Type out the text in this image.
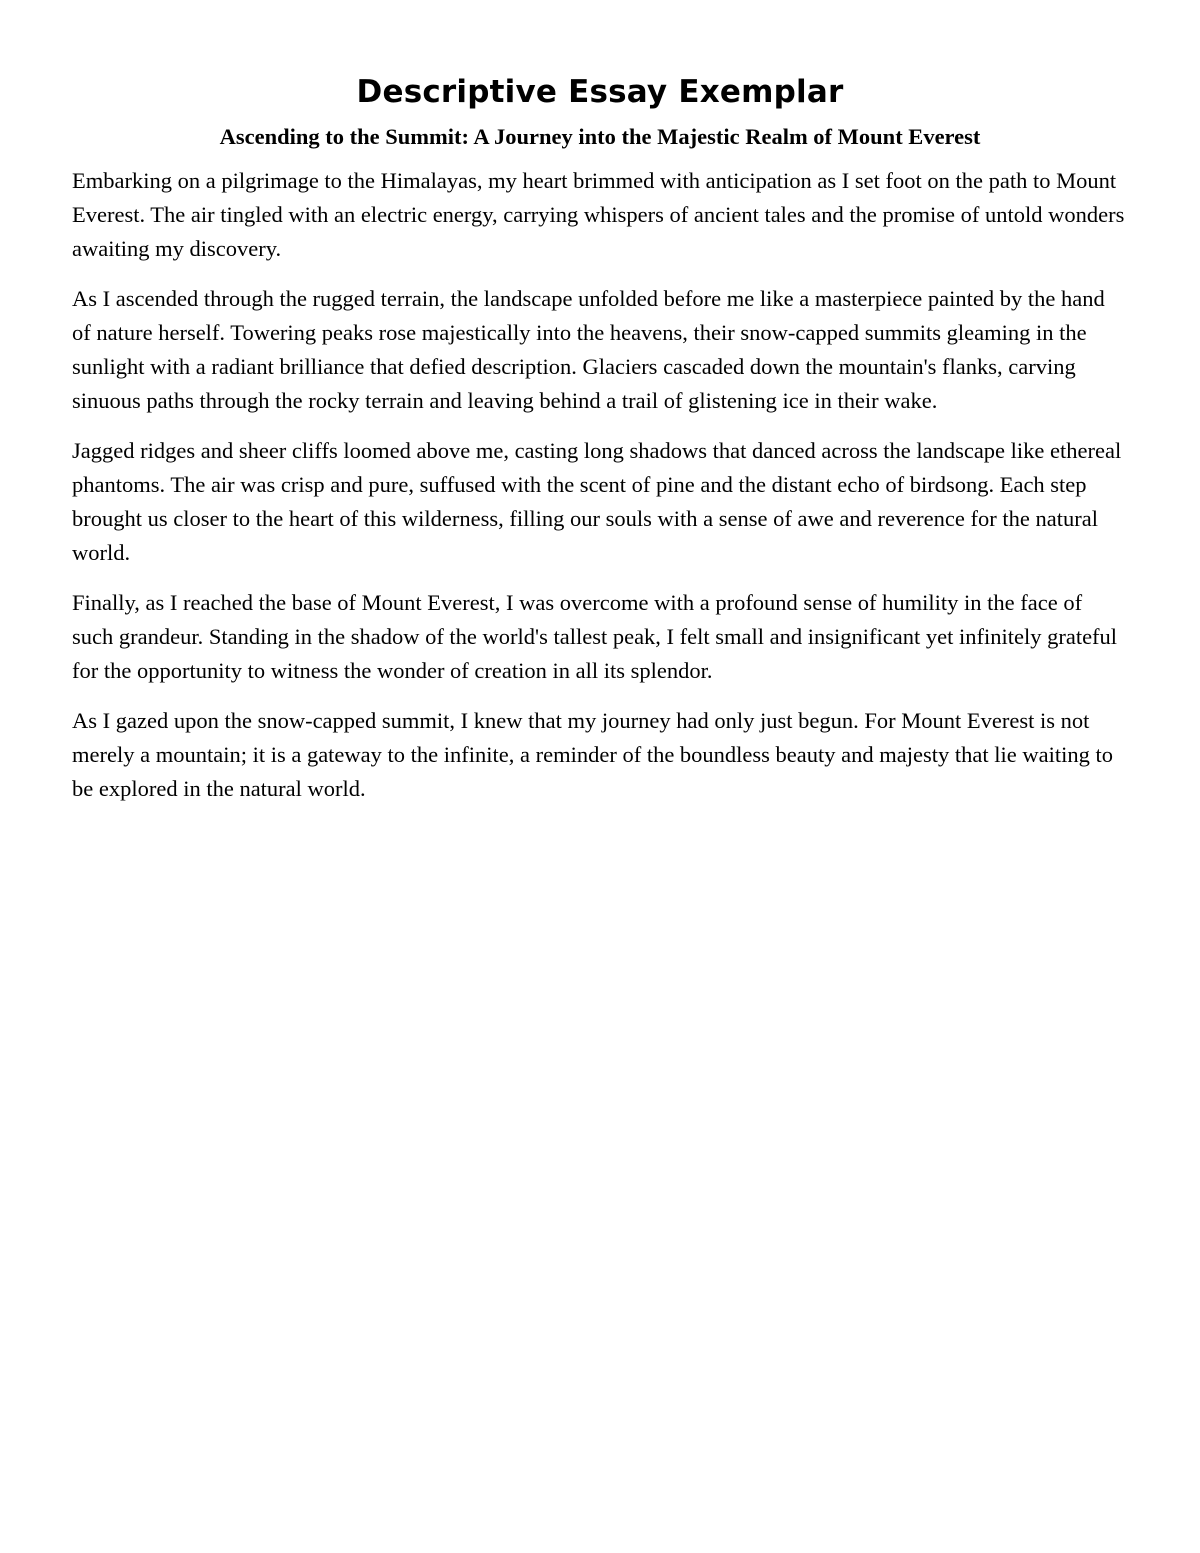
Descriptive Essay Exemplar
Ascending to the Summit: A Journey into the Majestic Realm of Mount Everest

Embarking on a pilgrimage to the Himalayas, my heart brimmed with anticipation as I set foot on the path to Mount Everest. The air tingled with an electric energy, carrying whispers of ancient tales and the promise of untold wonders awaiting my discovery.

As I ascended through the rugged terrain, the landscape unfolded before me like a masterpiece painted by the hand of nature herself. Towering peaks rose majestically into the heavens, their snow-capped summits gleaming in the sunlight with a radiant brilliance that defied description. Glaciers cascaded down the mountain's flanks, carving sinuous paths through the rocky terrain and leaving behind a trail of glistening ice in their wake.

Jagged ridges and sheer cliffs loomed above me, casting long shadows that danced across the landscape like ethereal phantoms. The air was crisp and pure, suffused with the scent of pine and the distant echo of birdsong. Each step brought us closer to the heart of this wilderness, filling our souls with a sense of awe and reverence for the natural world.

Finally, as I reached the base of Mount Everest, I was overcome with a profound sense of humility in the face of such grandeur. Standing in the shadow of the world's tallest peak, I felt small and insignificant yet infinitely grateful for the opportunity to witness the wonder of creation in all its splendor.

As I gazed upon the snow-capped summit, I knew that my journey had only just begun. For Mount Everest is not merely a mountain; it is a gateway to the infinite, a reminder of the boundless beauty and majesty that lie waiting to be explored in the natural world.
